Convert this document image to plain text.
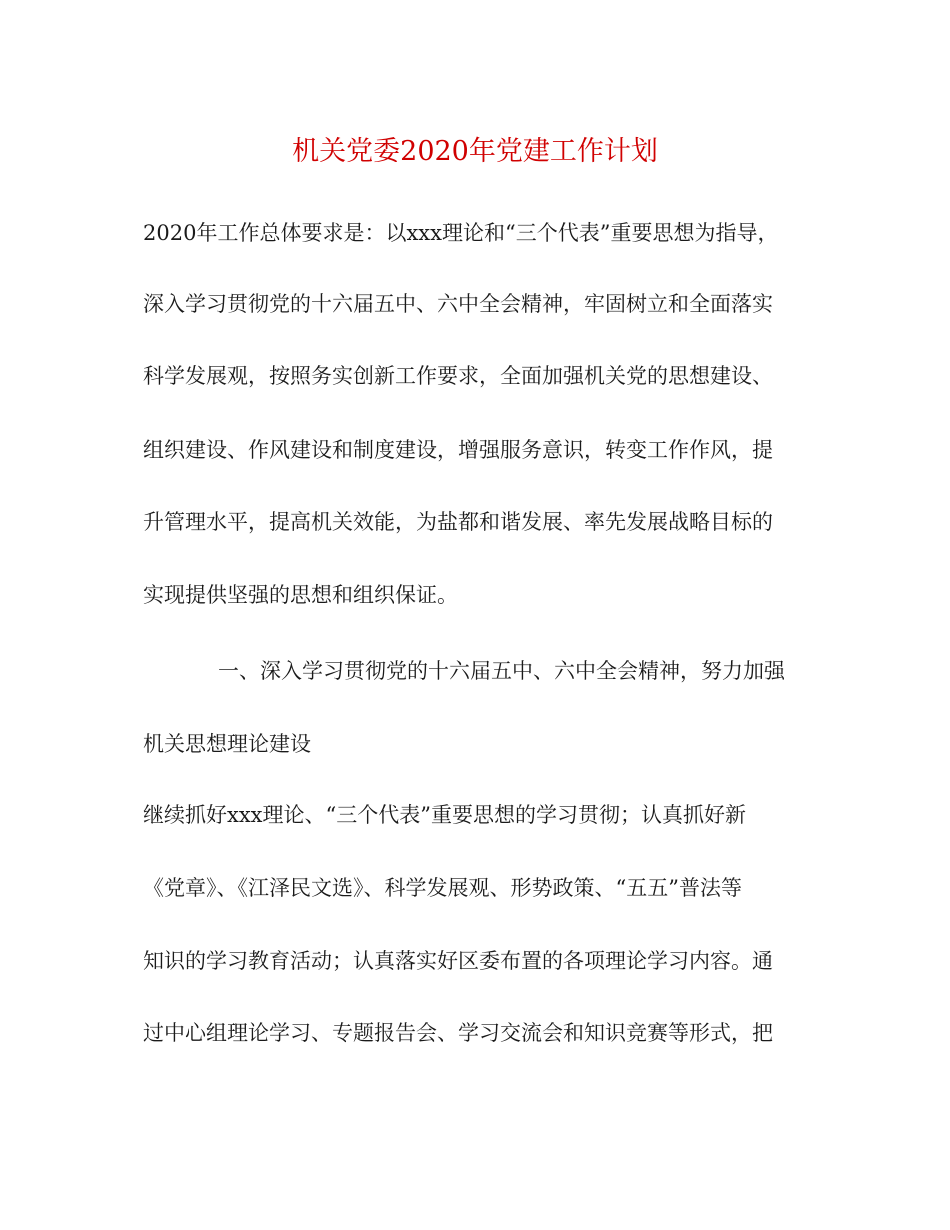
机关党委2020年党建工作计划
2020年工作总体要求是：以xxx理论和“三个代表”重要思想为指导，
深入学习贯彻党的十六届五中、六中全会精神，牢固树立和全面落实
科学发展观，按照务实创新工作要求，全面加强机关党的思想建设、
组织建设、作风建设和制度建设，增强服务意识，转变工作作风，提
升管理水平，提高机关效能，为盐都和谐发展、率先发展战略目标的
实现提供坚强的思想和组织保证。
一、深入学习贯彻党的十六届五中、六中全会精神，努力加强
机关思想理论建设
继续抓好xxx理论、“三个代表”重要思想的学习贯彻；认真抓好新
《党章》、《江泽民文选》、科学发展观、形势政策、“五五”普法等
知识的学习教育活动；认真落实好区委布置的各项理论学习内容。通
过中心组理论学习、专题报告会、学习交流会和知识竞赛等形式，把
